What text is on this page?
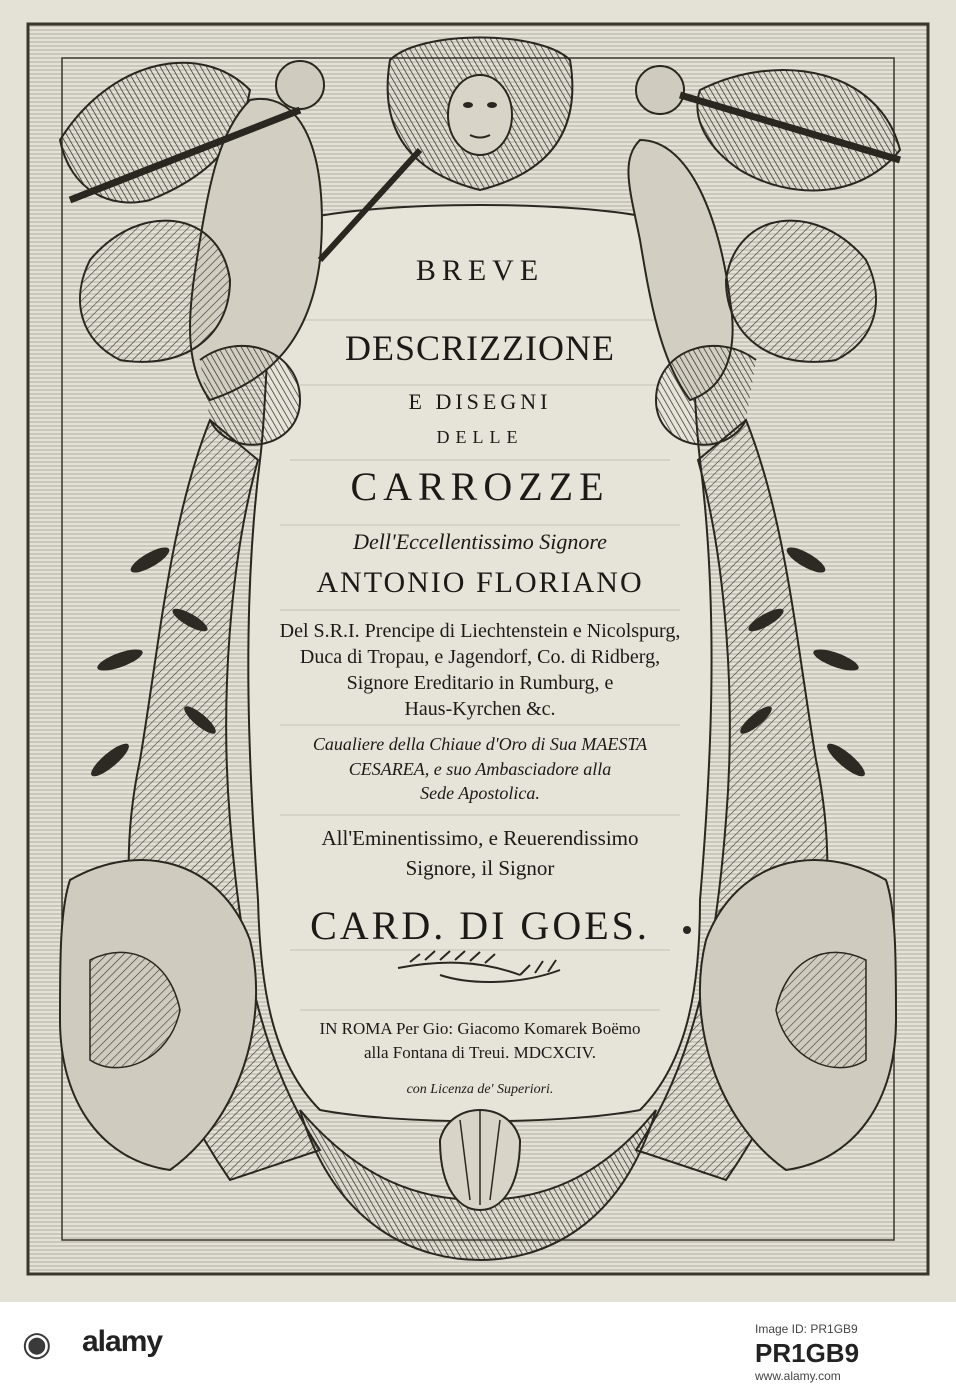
BREVE
DESCRIZZIONE
E DISEGNI
DELLE
CARROZZE
Dell'Eccellentissimo Signore
ANTONIO FLORIANO
Del S.R.I. Prencipe di Liechtenstein e Nicolspurg,
Duca di Tropau, e Jagendorf, Co. di Ridberg,
Signore Ereditario in Rumburg, e
Haus-Kyrchen &c.
Caualiere della Chiaue d'Oro di Sua MAESTA
CESAREA, e suo Ambasciadore alla
Sede Apostolica.
All'Eminentissimo, e Reuerendissimo
Signore, il Signor
CARD. DI GOES.
IN ROMA Per Gio: Giacomo Komarek Boëmo
alla Fontana di Treui. MDCXCIV.
con Licenza de' Superiori.
◉ alamy	Image ID: PR1GB9
PR1GB9
www.alamy.com
